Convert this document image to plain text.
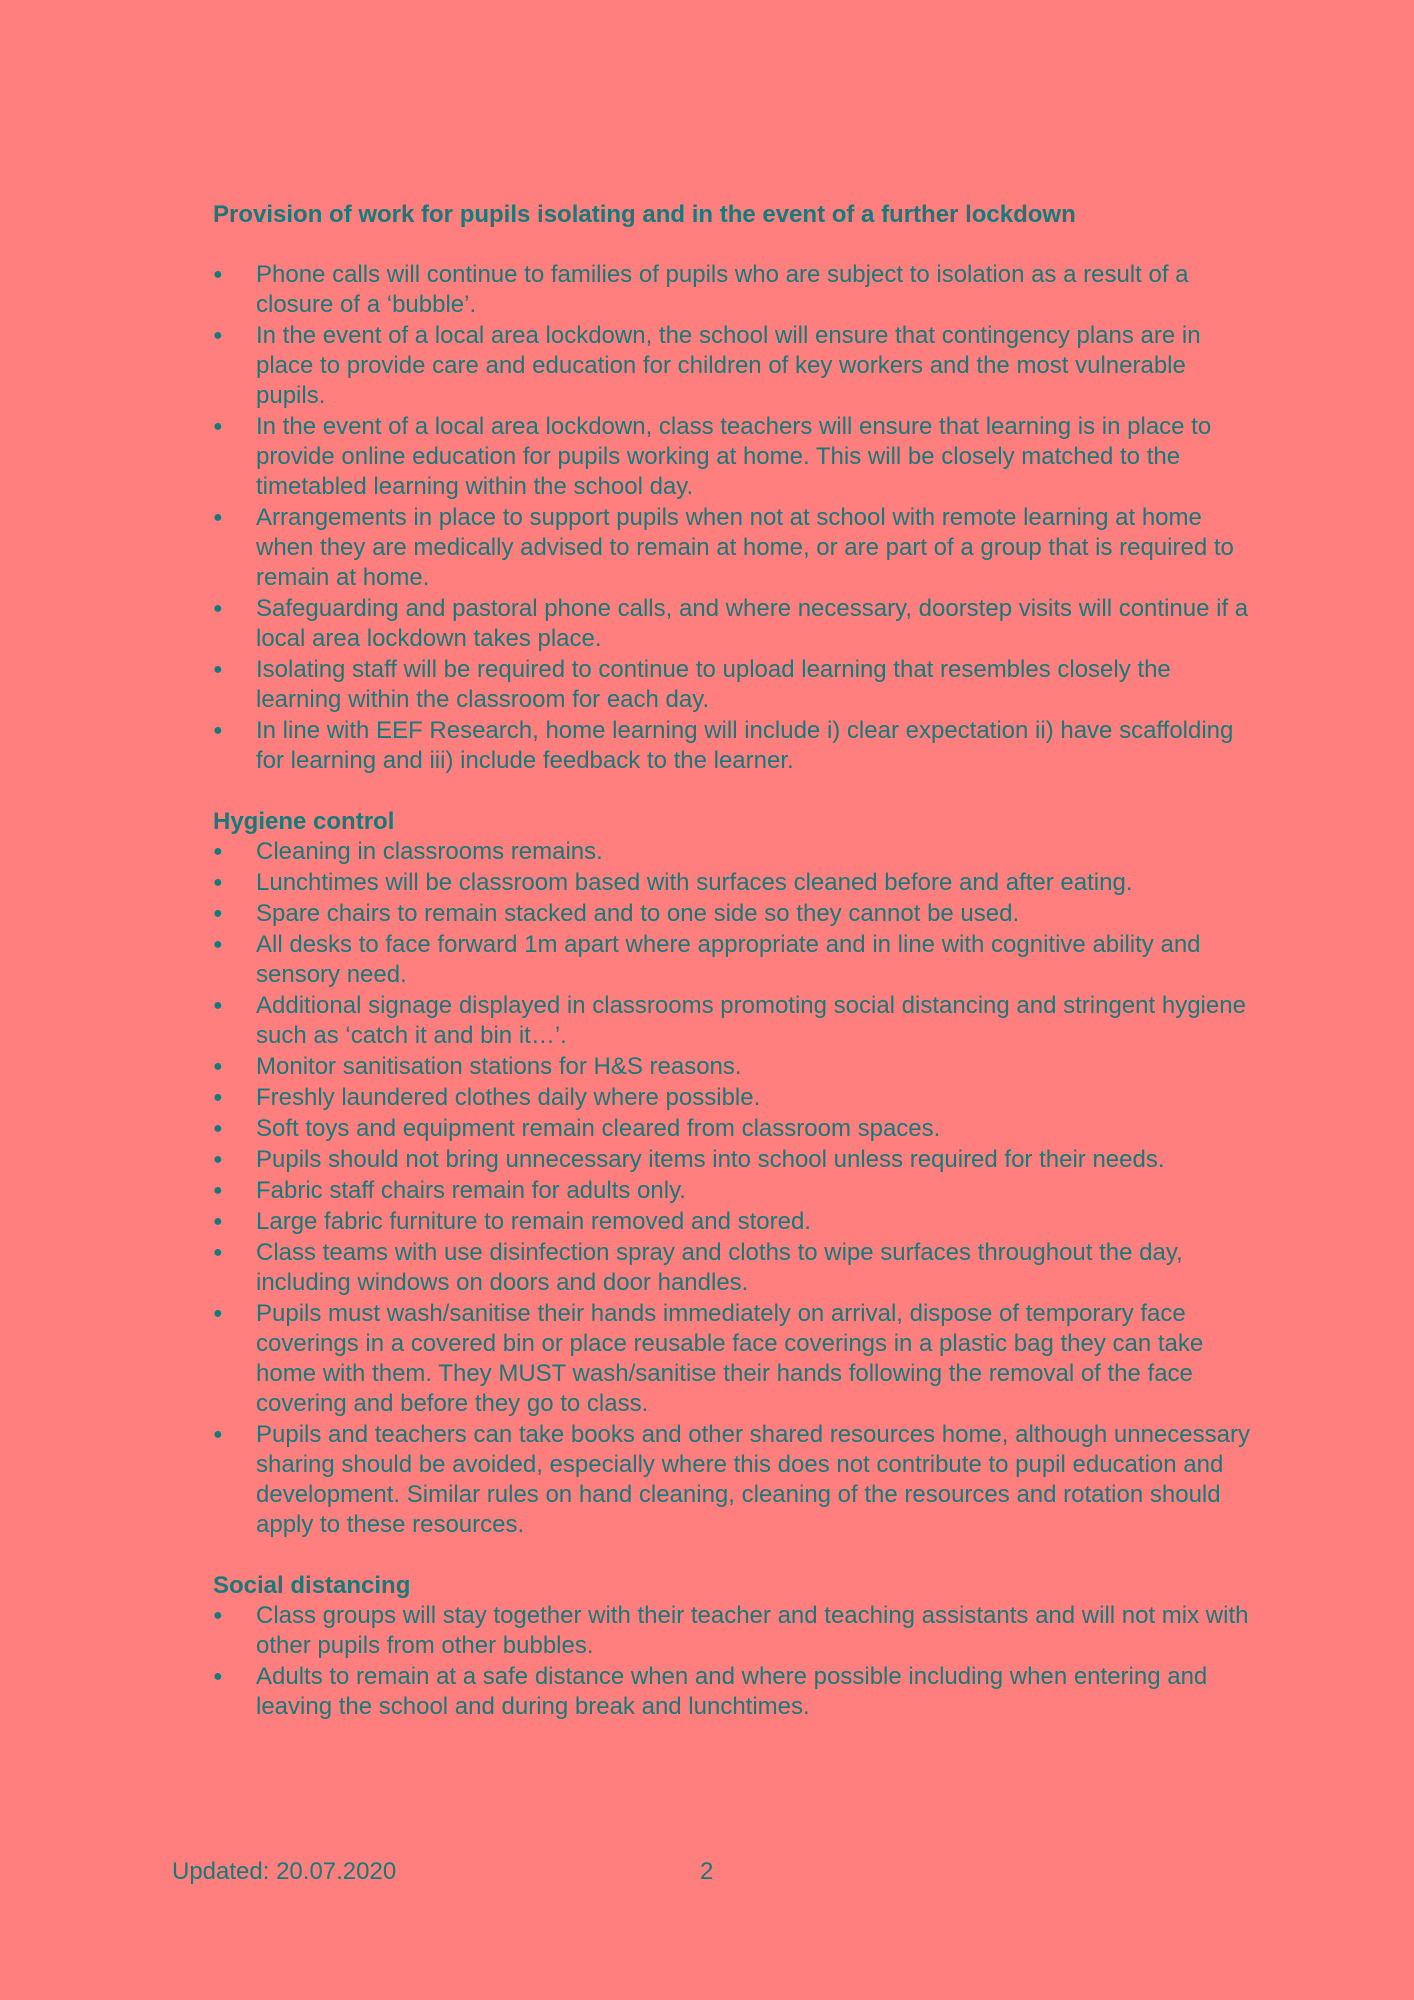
Provision of work for pupils isolating and in the event of a further lockdown
● Phone calls will continue to families of pupils who are subject to isolation as a result of a closure of a ‘bubble’.
● In the event of a local area lockdown, the school will ensure that contingency plans are in place to provide care and education for children of key workers and the most vulnerable pupils.
● In the event of a local area lockdown, class teachers will ensure that learning is in place to provide online education for pupils working at home. This will be closely matched to the timetabled learning within the school day.
● Arrangements in place to support pupils when not at school with remote learning at home when they are medically advised to remain at home, or are part of a group that is required to remain at home.
● Safeguarding and pastoral phone calls, and where necessary, doorstep visits will continue if a local area lockdown takes place.
● Isolating staff will be required to continue to upload learning that resembles closely the learning within the classroom for each day.
● In line with EEF Research, home learning will include i) clear expectation ii) have scaffolding for learning and iii) include feedback to the learner.
Hygiene control
● Cleaning in classrooms remains.
● Lunchtimes will be classroom based with surfaces cleaned before and after eating.
● Spare chairs to remain stacked and to one side so they cannot be used.
● All desks to face forward 1m apart where appropriate and in line with cognitive ability and sensory need.
● Additional signage displayed in classrooms promoting social distancing and stringent hygiene such as ‘catch it and bin it…’.
● Monitor sanitisation stations for H&S reasons.
● Freshly laundered clothes daily where possible.
● Soft toys and equipment remain cleared from classroom spaces.
● Pupils should not bring unnecessary items into school unless required for their needs.
● Fabric staff chairs remain for adults only.
● Large fabric furniture to remain removed and stored.
● Class teams with use disinfection spray and cloths to wipe surfaces throughout the day, including windows on doors and door handles.
● Pupils must wash/sanitise their hands immediately on arrival, dispose of temporary face coverings in a covered bin or place reusable face coverings in a plastic bag they can take home with them. They MUST wash/sanitise their hands following the removal of the face covering and before they go to class.
● Pupils and teachers can take books and other shared resources home, although unnecessary sharing should be avoided, especially where this does not contribute to pupil education and development. Similar rules on hand cleaning, cleaning of the resources and rotation should apply to these resources.
Social distancing
● Class groups will stay together with their teacher and teaching assistants and will not mix with other pupils from other bubbles.
● Adults to remain at a safe distance when and where possible including when entering and leaving the school and during break and lunchtimes.
Updated: 20.07.2020	2
